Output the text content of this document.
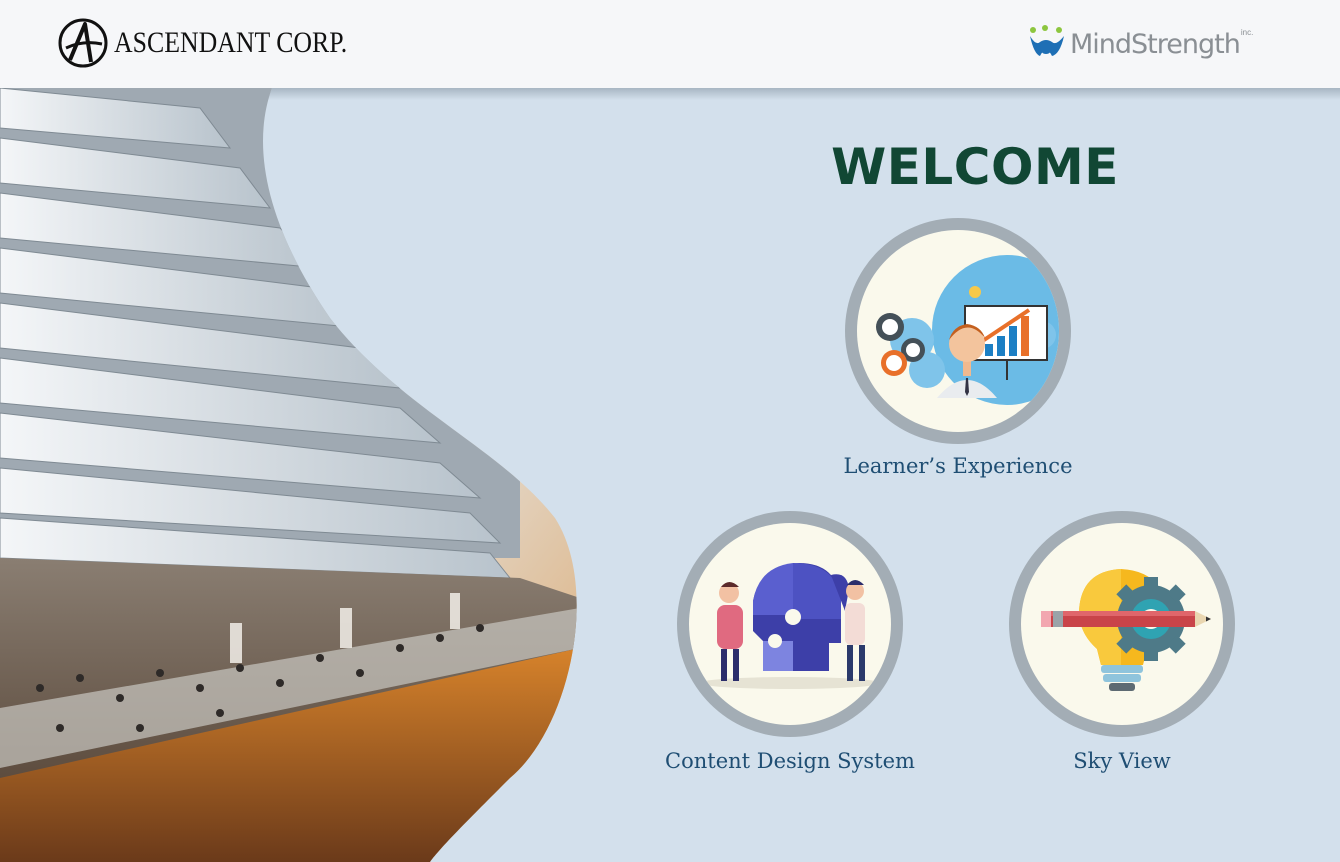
ASCENDANT CORP.	MindStrength inc.
WELCOME
Learner’s Experience
Content Design System	Sky View
